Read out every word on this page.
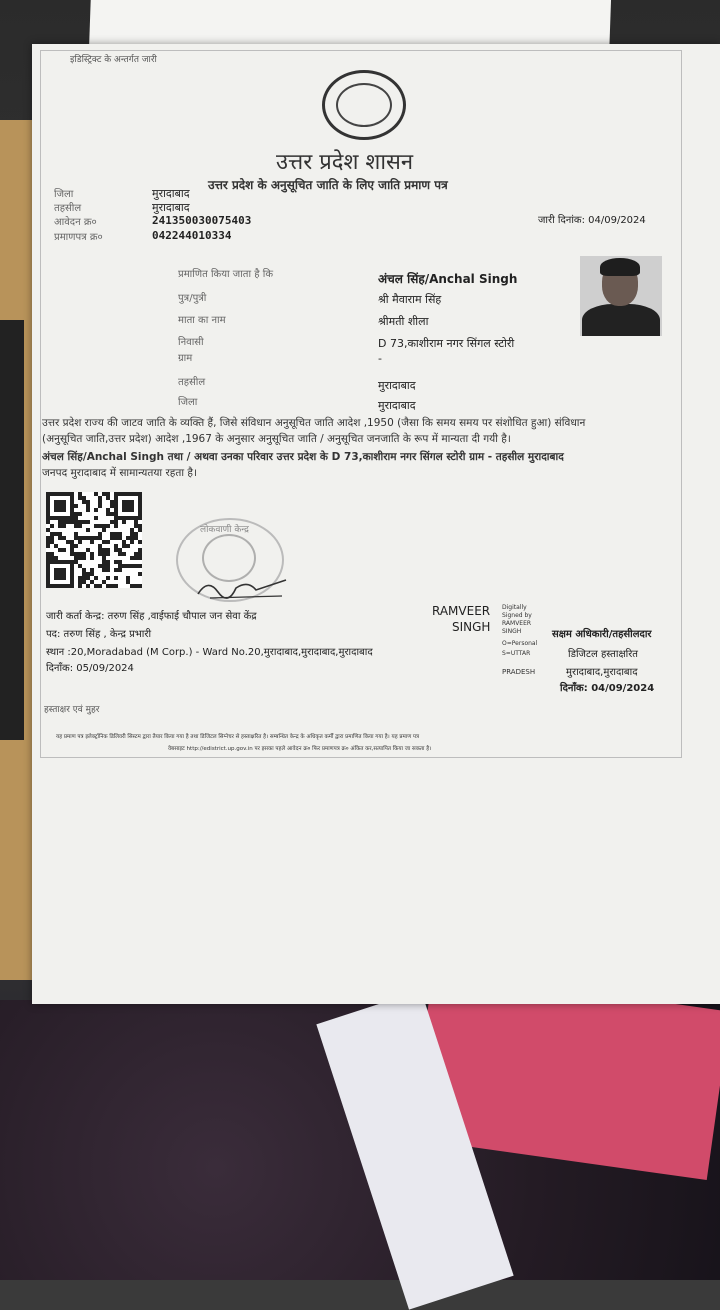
इडिस्ट्रिक्ट के अन्तर्गत जारी
उत्तर प्रदेश शासन
उत्तर प्रदेश के अनुसूचित जाति के लिए जाति प्रमाण पत्र
जिला	मुरादाबाद
तहसील	मुरादाबाद
आवेदन क्र०	241350030075403
प्रमाणपत्र क्र०	042244010334
जारी दिनांक: 04/09/2024
प्रमाणित किया जाता है कि	अंचल सिंह/Anchal Singh
पुत्र/पुत्री	श्री मैवाराम सिंह
माता का नाम	श्रीमती शीला
निवासी	D 73,काशीराम नगर सिंगल स्टोरी
ग्राम	-
तहसील	मुरादाबाद
जिला	मुरादाबाद
उत्तर प्रदेश राज्य की जाटव जाति के व्यक्ति हैं, जिसे संविधान अनुसूचित जाति आदेश ,1950 (जैसा कि समय समय पर संशोधित हुआ) संविधान
(अनुसूचित जाति,उत्तर प्रदेश) आदेश ,1967 के अनुसार अनुसूचित जाति / अनुसूचित जनजाति के रूप में मान्यता दी गयी है।
अंचल सिंह/Anchal Singh तथा / अथवा उनका परिवार उत्तर प्रदेश के D 73,काशीराम नगर सिंगल स्टोरी ग्राम - तहसील मुरादाबाद
जनपद मुरादाबाद में सामान्यतया रहता है।
लोकवाणी केन्द्र
जारी कर्ता केन्द्र: तरुण सिंह ,वाईफाई चौपाल जन सेवा केंद्र
पद: तरुण सिंह , केन्द्र प्रभारी
स्थान :20,Moradabad (M Corp.) - Ward No.20,मुरादाबाद,मुरादाबाद,मुरादाबाद
दिनाँक: 05/09/2024
RAMVEER
SINGH
Digitally
Signed by
RAMVEER
SINGH
O=Personal
S=UTTAR
PRADESH
सक्षम अधिकारी/तहसीलदार
डिजिटल हस्ताक्षरित
मुरादाबाद,मुरादाबाद
दिनाँक: 04/09/2024
हस्ताक्षर एवं मुहर
यह प्रमाण पत्र इलेक्ट्रॉनिक डिलिवरी सिस्टम द्वारा तैयार किया गया है तथा डिजिटल सिग्नेचर से हस्ताक्षरित है। सम्बन्धित केन्द्र के अधिकृत कर्मी द्वारा प्रमाणित किया गया है। यह प्रमाण पत्र
वेबसाइट http://edistrict.up.gov.in पर इसका पहले आवेदन क्र० फिर प्रमाणपत्र क्र० अंकित कर,सत्यापित किया जा सकता है।
